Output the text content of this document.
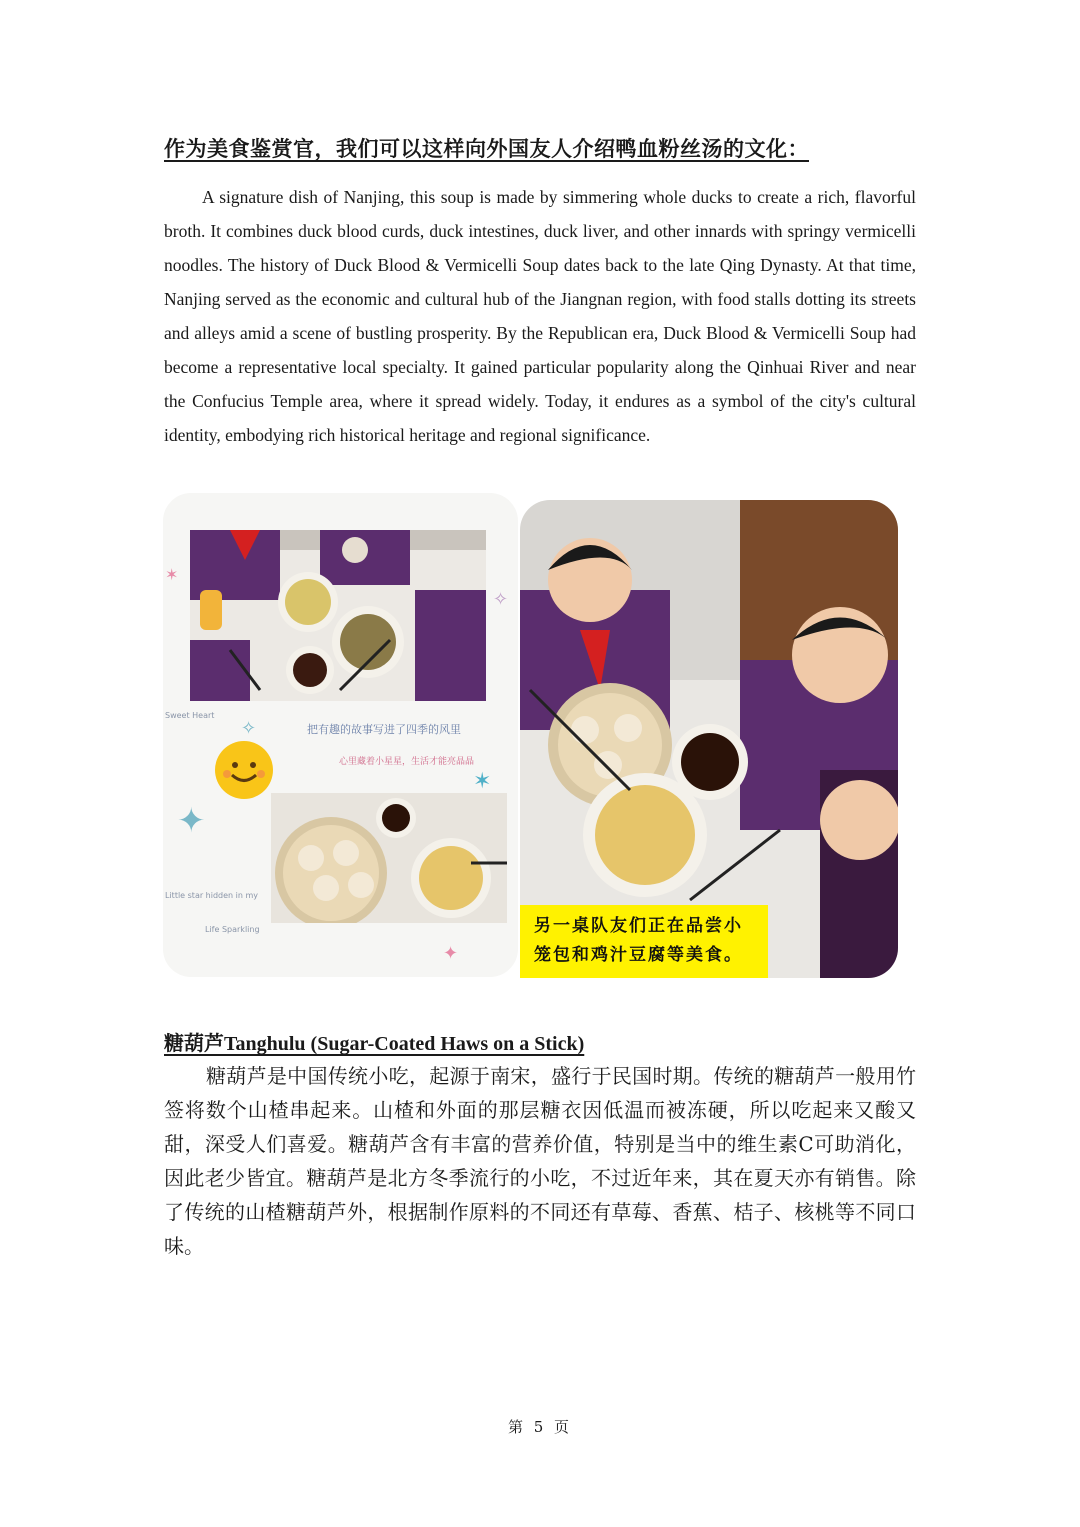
作为美食鉴赏官，我们可以这样向外国友人介绍鸭血粉丝汤的文化：

A signature dish of Nanjing, this soup is made by simmering whole ducks to create a rich, flavorful broth. It combines duck blood curds, duck intestines, duck liver, and other innards with springy vermicelli noodles. The history of Duck Blood & Vermicelli Soup dates back to the late Qing Dynasty. At that time, Nanjing served as the economic and cultural hub of the Jiangnan region, with food stalls dotting its streets and alleys amid a scene of bustling prosperity. By the Republican era, Duck Blood & Vermicelli Soup had become a representative local specialty. It gained particular popularity along the Qinhuai River and near the Confucius Temple area, where it spread widely. Today, it endures as a symbol of the city's cultural identity, embodying rich historical heritage and regional significance.

✦
✶
✦
✶
✧
✧	把有趣的故事写进了四季的风里
心里藏着小星星，生活才能亮晶晶
Sweet Heart
Little star hidden in my
Life Sparkling	另一桌队友们正在品尝小
笼包和鸡汁豆腐等美食。
糖葫芦Tanghulu (Sugar-Coated Haws on a Stick)

糖葫芦是中国传统小吃，起源于南宋，盛行于民国时期。传统的糖葫芦一般用竹签将数个山楂串起来。山楂和外面的那层糖衣因低温而被冻硬，所以吃起来又酸又甜，深受人们喜爱。糖葫芦含有丰富的营养价值，特别是当中的维生素C可助消化，因此老少皆宜。糖葫芦是北方冬季流行的小吃，不过近年来，其在夏天亦有销售。除了传统的山楂糖葫芦外，根据制作原料的不同还有草莓、香蕉、桔子、核桃等不同口味。

第 5 页
